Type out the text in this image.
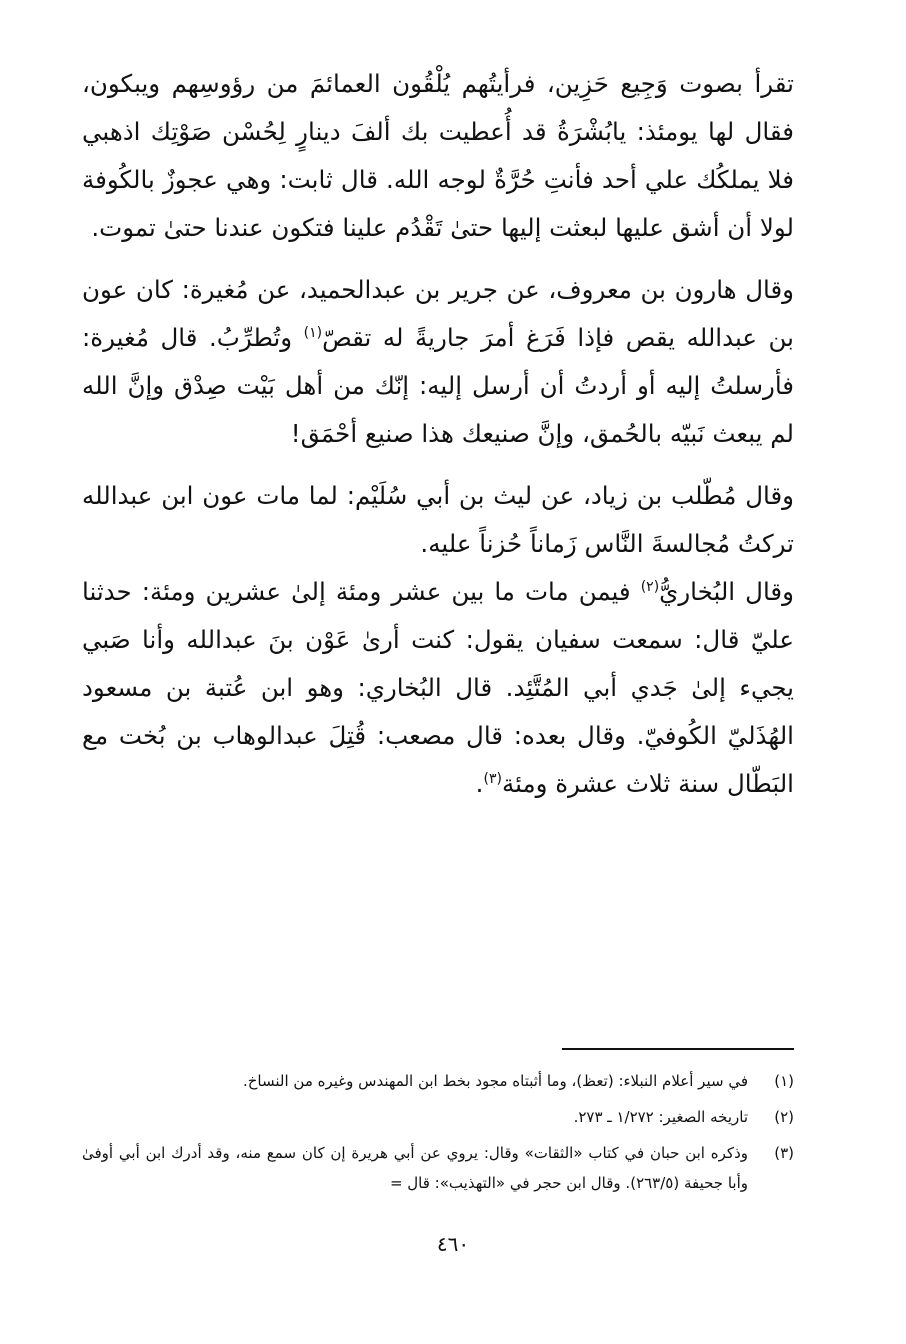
تقرأ بصوت وَجِيع حَزِين، فرأيتُهم يُلْقُون العمائمَ من رؤوسِهم ويبكون، فقال لها يومئذ: يابُشْرَةُ قد أُعطيت بك ألفَ دينارٍ لِحُسْن صَوْتِك اذهبي فلا يملكُك علي أحد فأنتِ حُرَّةٌ لوجه الله. قال ثابت: وهي عجوزٌ بالكُوفة لولا أن أشق عليها لبعثت إليها حتىٰ تَقْدُم علينا فتكون عندنا حتىٰ تموت.

وقال هارون بن معروف، عن جرير بن عبدالحميد، عن مُغيرة: كان عون بن عبدالله يقص فإذا فَرَغ أمرَ جاريةً له تقصّ$^{(١)}$ وتُطرِّبُ. قال مُغيرة: فأرسلتُ إليه أو أردتُ أن أرسل إليه: إنّك من أهل بَيْت صِدْق وإنَّ الله لم يبعث نَبيّه بالحُمق، وإنَّ صنيعك هذا صنيع أحْمَق!

وقال مُطّلب بن زياد، عن ليث بن أبي سُلَيْم: لما مات عون ابن عبدالله تركتُ مُجالسةَ النَّاس زَماناً حُزناً عليه.

وقال البُخاريُّ$^{(٢)}$ فيمن مات ما بين عشر ومئة إلىٰ عشرين ومئة: حدثنا عليّ قال: سمعت سفيان يقول: كنت أرىٰ عَوْن بنَ عبدالله وأنا صَبي يجيء إلىٰ جَدي أبي المُتَّئِد. قال البُخاري: وهو ابن عُتبة بن مسعود الهُذَليّ الكُوفيّ. وقال بعده: قال مصعب: قُتِلَ عبدالوهاب بن بُخت مع البَطّال سنة ثلاث عشرة ومئة$^{(٣)}$.

(١)
في سير أعلام النبلاء: (تعظ)، وما أثبتاه مجود بخط ابن المهندس وغيره من النساخ.
(٢)
تاريخه الصغير: ١/٢٧٢ ـ ٢٧٣.
(٣)
وذكره ابن حبان في كتاب «الثقات» وقال: يروي عن أبي هريرة إن كان سمع منه، وقد أدرك ابن أبي أوفىٰ وأبا جحيفة (٢٦٣/٥). وقال ابن حجر في «التهذيب»: قال =
٤٦٠
